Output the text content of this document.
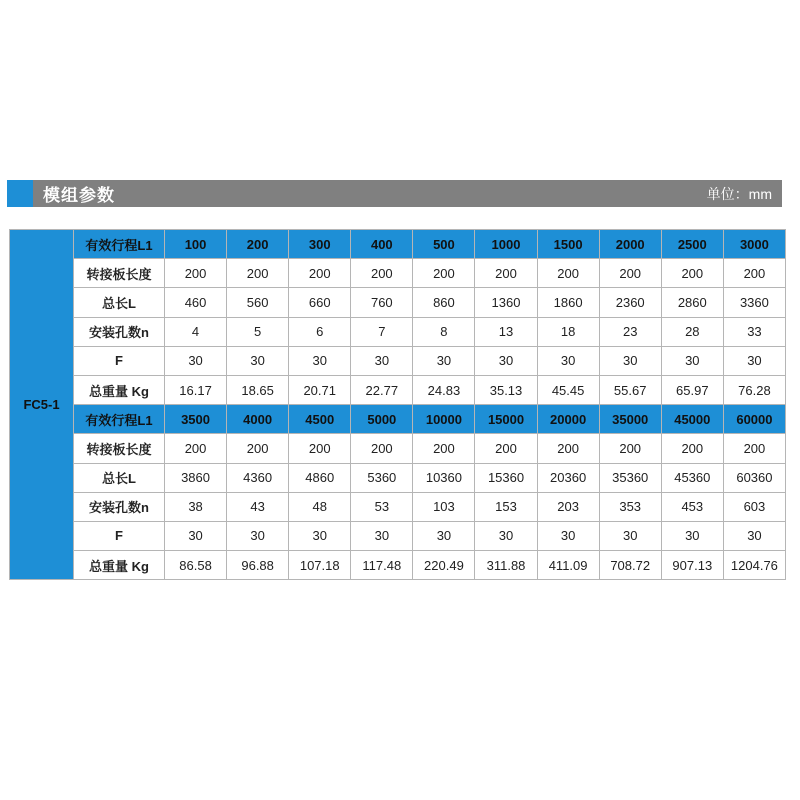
模组参数	单位：mm
FC5-1	有效行程L1	100	200	300	400	500	1000	1500	2000	2500	3000
	转接板长度	200	200	200	200	200	200	200	200	200	200
	总长L	460	560	660	760	860	1360	1860	2360	2860	3360
	安装孔数n	4	5	6	7	8	13	18	23	28	33
	F	30	30	30	30	30	30	30	30	30	30
	总重量 Kg	16.17	18.65	20.71	22.77	24.83	35.13	45.45	55.67	65.97	76.28
	有效行程L1	3500	4000	4500	5000	10000	15000	20000	35000	45000	60000
	转接板长度	200	200	200	200	200	200	200	200	200	200
	总长L	3860	4360	4860	5360	10360	15360	20360	35360	45360	60360
	安装孔数n	38	43	48	53	103	153	203	353	453	603
	F	30	30	30	30	30	30	30	30	30	30
	总重量 Kg	86.58	96.88	107.18	117.48	220.49	311.88	411.09	708.72	907.13	1204.76
